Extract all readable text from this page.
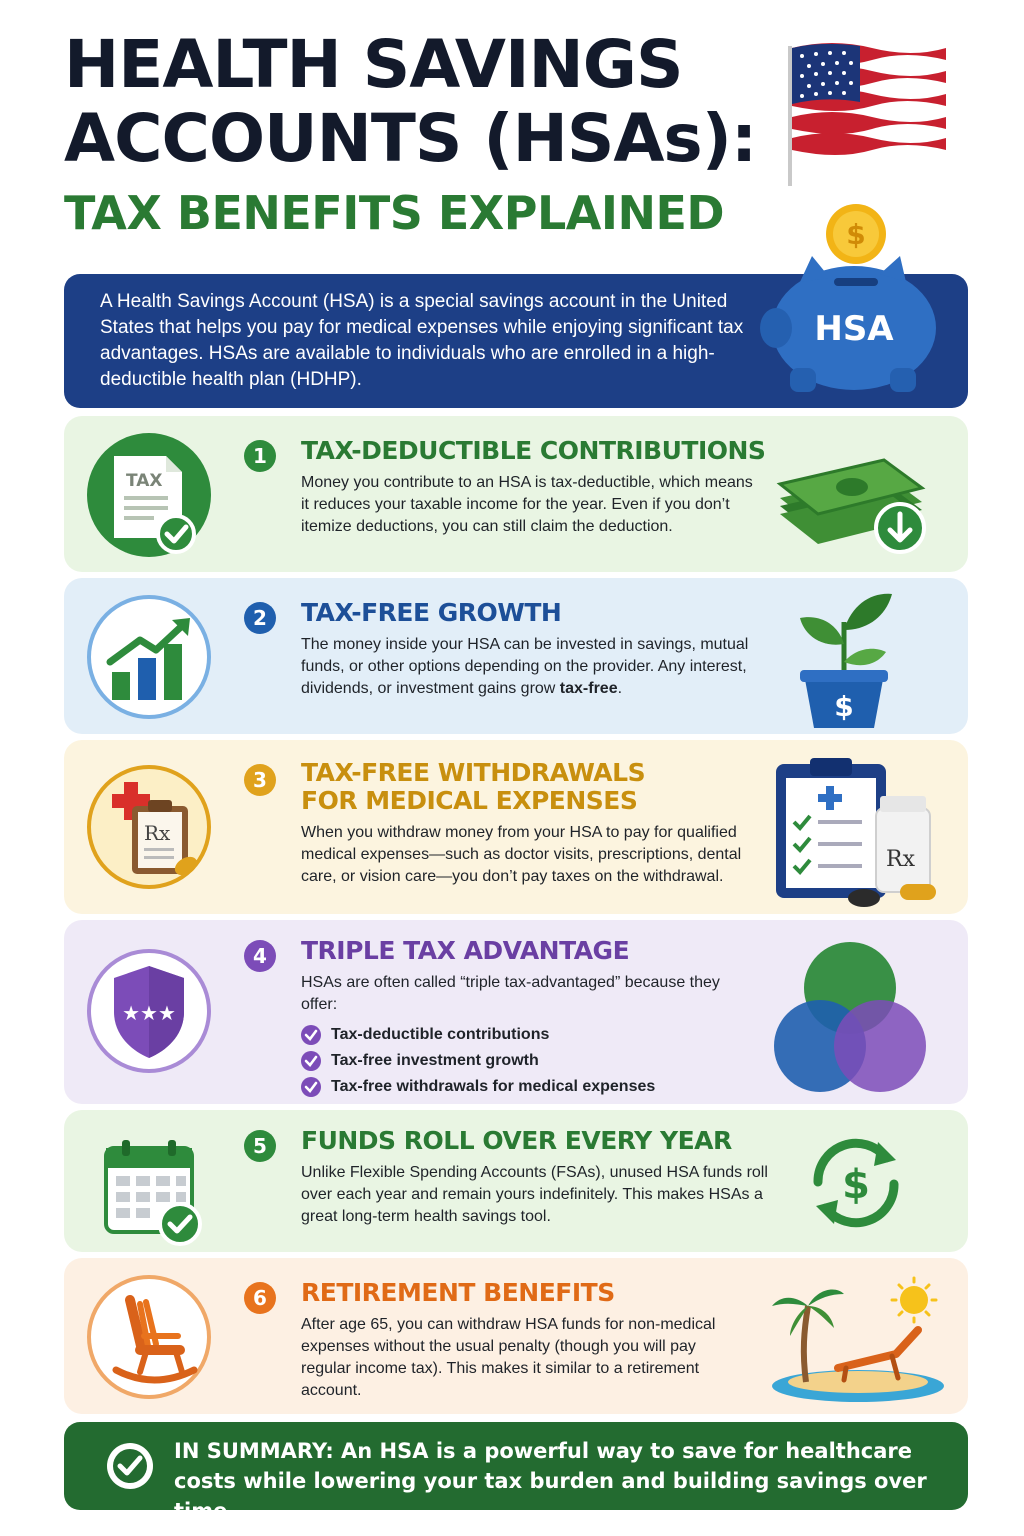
HEALTH SAVINGS
ACCOUNTS (HSAs):
TAX BENEFITS EXPLAINED

A Health Savings Account (HSA) is a special savings account in the United States that helps you pay for medical expenses while enjoying significant tax advantages. HSAs are available to individuals who are enrolled in a high-deductible health plan (HDHP).

$
HSA
TAX
1	TAX-DEDUCTIBLE CONTRIBUTIONS
Money you contribute to an HSA is tax-deductible, which means it reduces your taxable income for the year. Even if you don’t itemize deductions, you can still claim the deduction.
2	TAX-FREE GROWTH
The money inside your HSA can be invested in savings, mutual funds, or other options depending on the provider. Any interest, dividends, or investment gains grow tax-free.
$
Rx
3	TAX-FREE WITHDRAWALS
FOR MEDICAL EXPENSES
When you withdraw money from your HSA to pay for qualified medical expenses—such as doctor visits, prescriptions, dental care, or vision care—you don’t pay taxes on the withdrawal.
Rx
★★★
4	TRIPLE TAX ADVANTAGE
HSAs are often called “triple tax-advantaged” because they offer:
Tax-deductible contributions
Tax-free investment growth
Tax-free withdrawals for medical expenses
5	FUNDS ROLL OVER EVERY YEAR
Unlike Flexible Spending Accounts (FSAs), unused HSA funds roll over each year and remain yours indefinitely. This makes HSAs a great long-term health savings tool.
$
6	RETIREMENT BENEFITS
After age 65, you can withdraw HSA funds for non-medical expenses without the usual penalty (though you will pay regular income tax). This makes it similar to a retirement account.
IN SUMMARY: An HSA is a powerful way to save for healthcare costs while lowering your tax burden and building savings over time.
